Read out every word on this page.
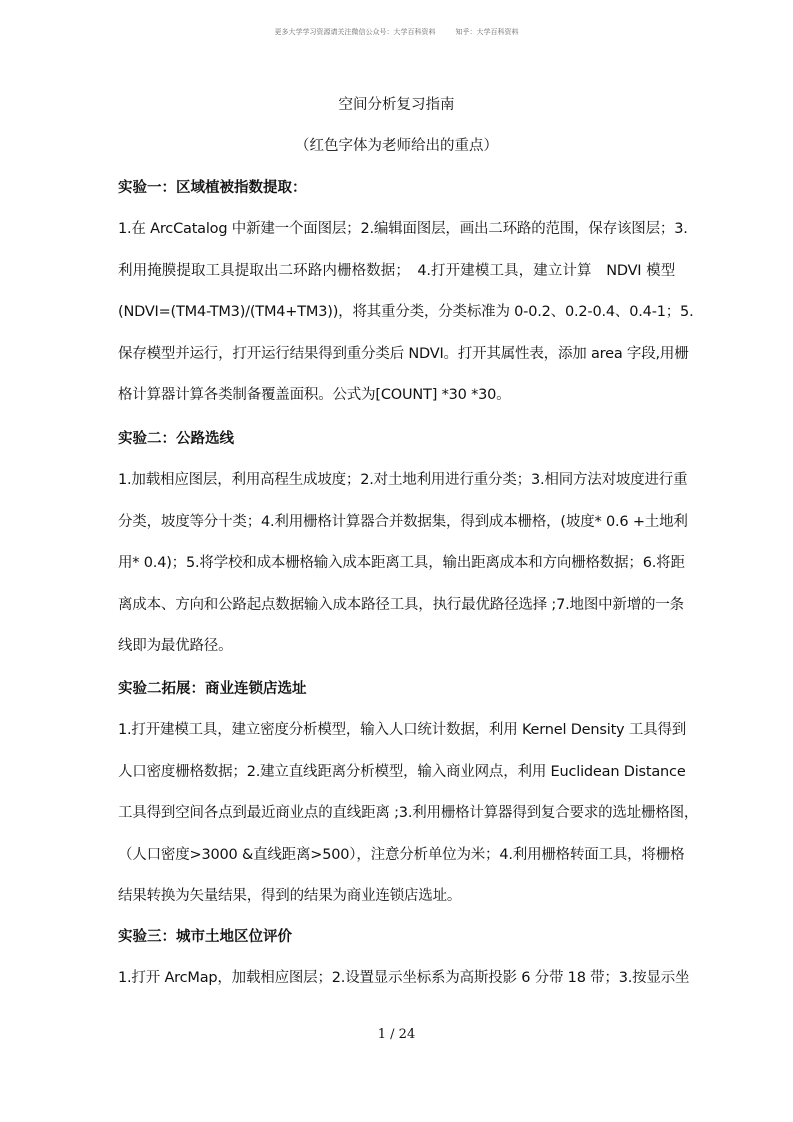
更多大学学习资源请关注微信公众号：大学百科资料	知乎：大学百科资料
空间分析复习指南
（红色字体为老师给出的重点）
实验一：区域植被指数提取：
1.在 ArcCatalog 中新建一个面图层；2.编辑面图层，画出二环路的范围，保存该图层；3.
利用掩膜提取工具提取出二环路内栅格数据；　4.打开建模工具，建立计算　NDVI 模型
(NDVI=(TM4-TM3)/(TM4+TM3))，将其重分类，分类标准为 0-0.2、0.2-0.4、0.4-1；5.
保存模型并运行，打开运行结果得到重分类后 NDVI。打开其属性表，添加 area 字段,用栅
格计算器计算各类制备覆盖面积。公式为[COUNT] *30 *30。
实验二：公路选线
1.加载相应图层，利用高程生成坡度；2.对土地利用进行重分类；3.相同方法对坡度进行重
分类，坡度等分十类；4.利用栅格计算器合并数据集，得到成本栅格，(坡度* 0.6 +土地利
用* 0.4)；5.将学校和成本栅格输入成本距离工具，输出距离成本和方向栅格数据；6.将距
离成本、方向和公路起点数据输入成本路径工具，执行最优路径选择 ;7.地图中新增的一条
线即为最优路径。
实验二拓展：商业连锁店选址
1.打开建模工具，建立密度分析模型，输入人口统计数据，利用 Kernel Density 工具得到
人口密度栅格数据；2.建立直线距离分析模型，输入商业网点，利用 Euclidean Distance
工具得到空间各点到最近商业点的直线距离 ;3.利用栅格计算器得到复合要求的选址栅格图，
（人口密度>3000 &直线距离>500），注意分析单位为米；4.利用栅格转面工具，将栅格
结果转换为矢量结果，得到的结果为商业连锁店选址。
实验三：城市土地区位评价
1.打开 ArcMap，加载相应图层；2.设置显示坐标系为高斯投影 6 分带 18 带；3.按显示坐
1 / 24
